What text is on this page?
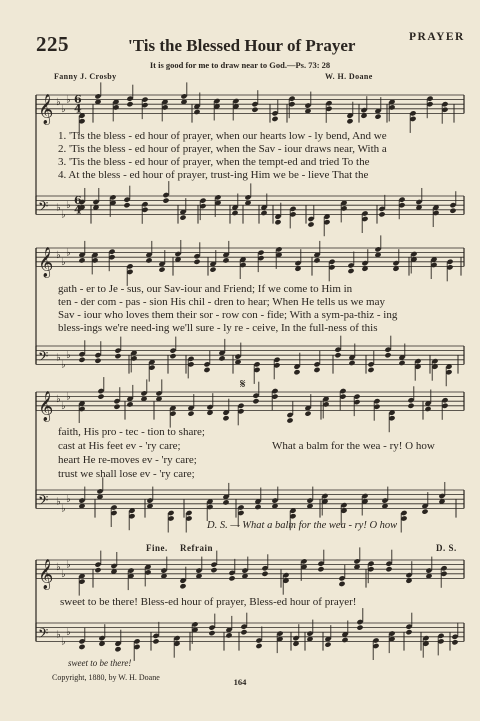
𝄞 ♭
♭
♭
𝄢 ♭
♭
♭
𝄞 ♭
♭
♭
𝄢 ♭
♭
♭
𝄞 ♭
♭
♭
𝄢 ♭
♭
♭
𝄞 ♭
♭
♭
𝄢 ♭
♭
♭
6
4
6
4
𝄋
225	'Tis the Blessed Hour of Prayer	PRAYER
It is good for me to draw near to God.—Ps. 73: 28
Fanny J. Crosby	W. H. Doane
1. 'Tis the bless - ed hour of prayer, when our hearts low - ly bend, And we
2. 'Tis the bless - ed hour of prayer, when the Sav - iour draws near, With a
3. 'Tis the bless - ed hour of prayer, when the tempt-ed and tried To the
4. At the bless - ed hour of prayer, trust-ing Him we be - lieve That the
gath - er to Je - sus, our Sav-iour and Friend; If we come to Him in
ten - der com - pas - sion His chil - dren to hear; When He tells us we may
Sav - iour who loves them their sor - row con - fide; With a sym-pa-thiz - ing
bless-ings we're need-ing we'll sure - ly re - ceive, In the full-ness of this
faith, His pro - tec - tion to share;
cast at His feet ev - 'ry care;
heart He re-moves ev - 'ry care;
trust we shall lose ev - 'ry care;
What a balm for the wea - ry! O how
D. S. — What a balm for the wea - ry! O how
Fine. Refrain	D. S.
sweet to be there! Bless-ed hour of prayer, Bless-ed hour of prayer!
sweet to be there!
Copyright, 1880, by W. H. Doane	164
